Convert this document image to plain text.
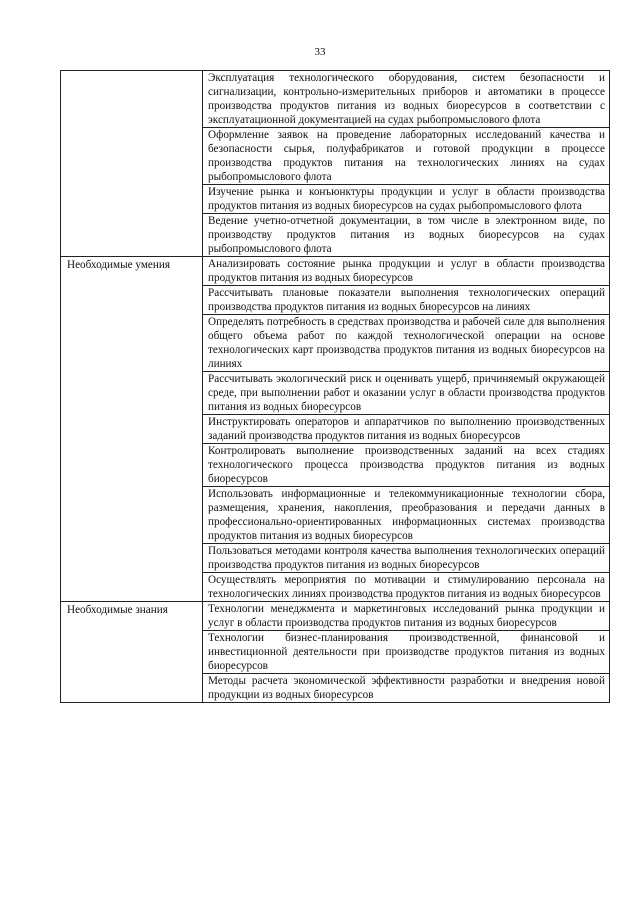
33
	Эксплуатация технологического оборудования, систем безопасности и сигнализации, контрольно-измерительных приборов и автоматики в процессе производства продуктов питания из водных биоресурсов в соответствии с эксплуатационной документацией на судах рыбопромыслового флота
	Оформление заявок на проведение лабораторных исследований качества и безопасности сырья, полуфабрикатов и готовой продукции в процессе производства продуктов питания на технологических линиях на судах рыбопромыслового флота
	Изучение рынка и конъюнктуры продукции и услуг в области производства продуктов питания из водных биоресурсов на судах рыбопромыслового флота
	Ведение учетно-отчетной документации, в том числе в электронном виде, по производству продуктов питания из водных биоресурсов на судах рыбопромыслового флота
Необходимые умения	Анализировать состояние рынка продукции и услуг в области производства продуктов питания из водных биоресурсов
	Рассчитывать плановые показатели выполнения технологических операций производства продуктов питания из водных биоресурсов на линиях
	Определять потребность в средствах производства и рабочей силе для выполнения общего объема работ по каждой технологической операции на основе технологических карт производства продуктов питания из водных биоресурсов на линиях
	Рассчитывать экологический риск и оценивать ущерб, причиняемый окружающей среде, при выполнении работ и оказании услуг в области производства продуктов питания из водных биоресурсов
	Инструктировать операторов и аппаратчиков по выполнению производственных заданий производства продуктов питания из водных биоресурсов
	Контролировать выполнение производственных заданий на всех стадиях технологического процесса производства продуктов питания из водных биоресурсов
	Использовать информационные и телекоммуникационные технологии сбора, размещения, хранения, накопления, преобразования и передачи данных в профессионально-ориентированных информационных системах производства продуктов питания из водных биоресурсов
	Пользоваться методами контроля качества выполнения технологических операций производства продуктов питания из водных биоресурсов
	Осуществлять мероприятия по мотивации и стимулированию персонала на технологических линиях производства продуктов питания из водных биоресурсов
Необходимые знания	Технологии менеджмента и маркетинговых исследований рынка продукции и услуг в области производства продуктов питания из водных биоресурсов
	Технологии бизнес-планирования производственной, финансовой и инвестиционной деятельности при производстве продуктов питания из водных биоресурсов
	Методы расчета экономической эффективности разработки и внедрения новой продукции из водных биоресурсов
